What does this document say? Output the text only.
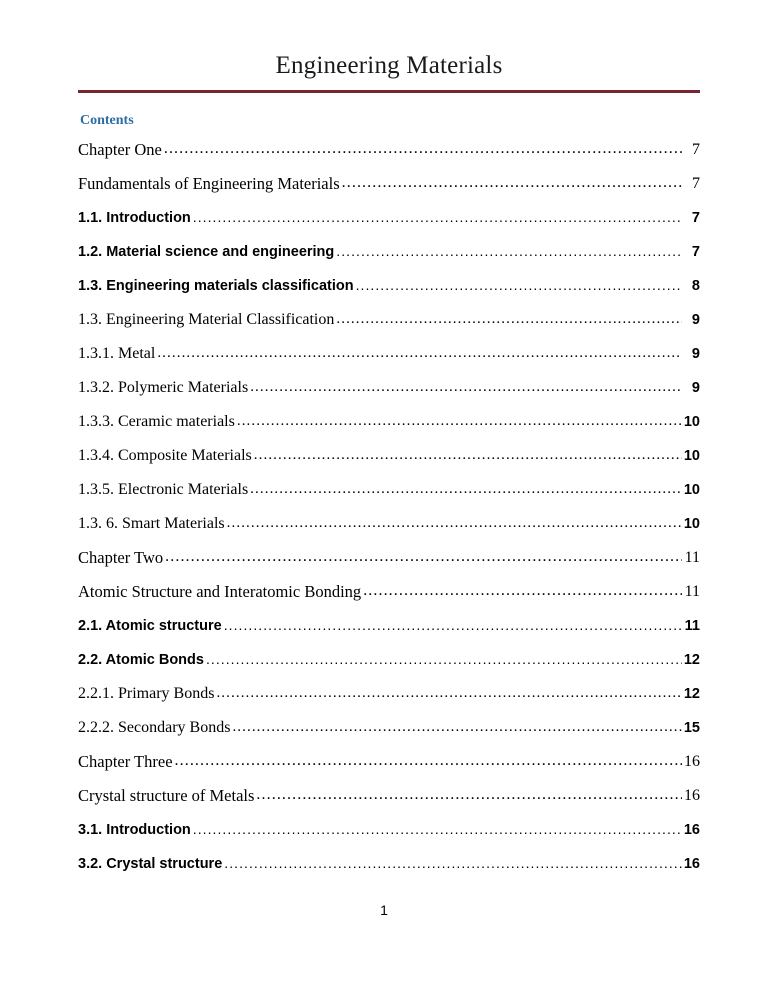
Engineering Materials
Contents
Chapter One .....	7
Fundamentals of Engineering Materials .....	7
1.1. Introduction .....	7
1.2. Material science and engineering .....	7
1.3. Engineering materials classification .....	8
1.3. Engineering Material Classification .....	9
1.3.1. Metal .....	9
1.3.2. Polymeric Materials .....	9
1.3.3. Ceramic materials .....	10
1.3.4. Composite Materials .....	10
1.3.5. Electronic Materials .....	10
1.3. 6. Smart Materials .....	10
Chapter Two .....	11
Atomic Structure and Interatomic Bonding .....	11
2.1. Atomic structure .....	11
2.2. Atomic Bonds .....	12
2.2.1. Primary Bonds .....	12
2.2.2. Secondary Bonds .....	15
Chapter Three .....	16
Crystal structure of Metals .....	16
3.1. Introduction .....	16
3.2. Crystal structure .....	16
1
